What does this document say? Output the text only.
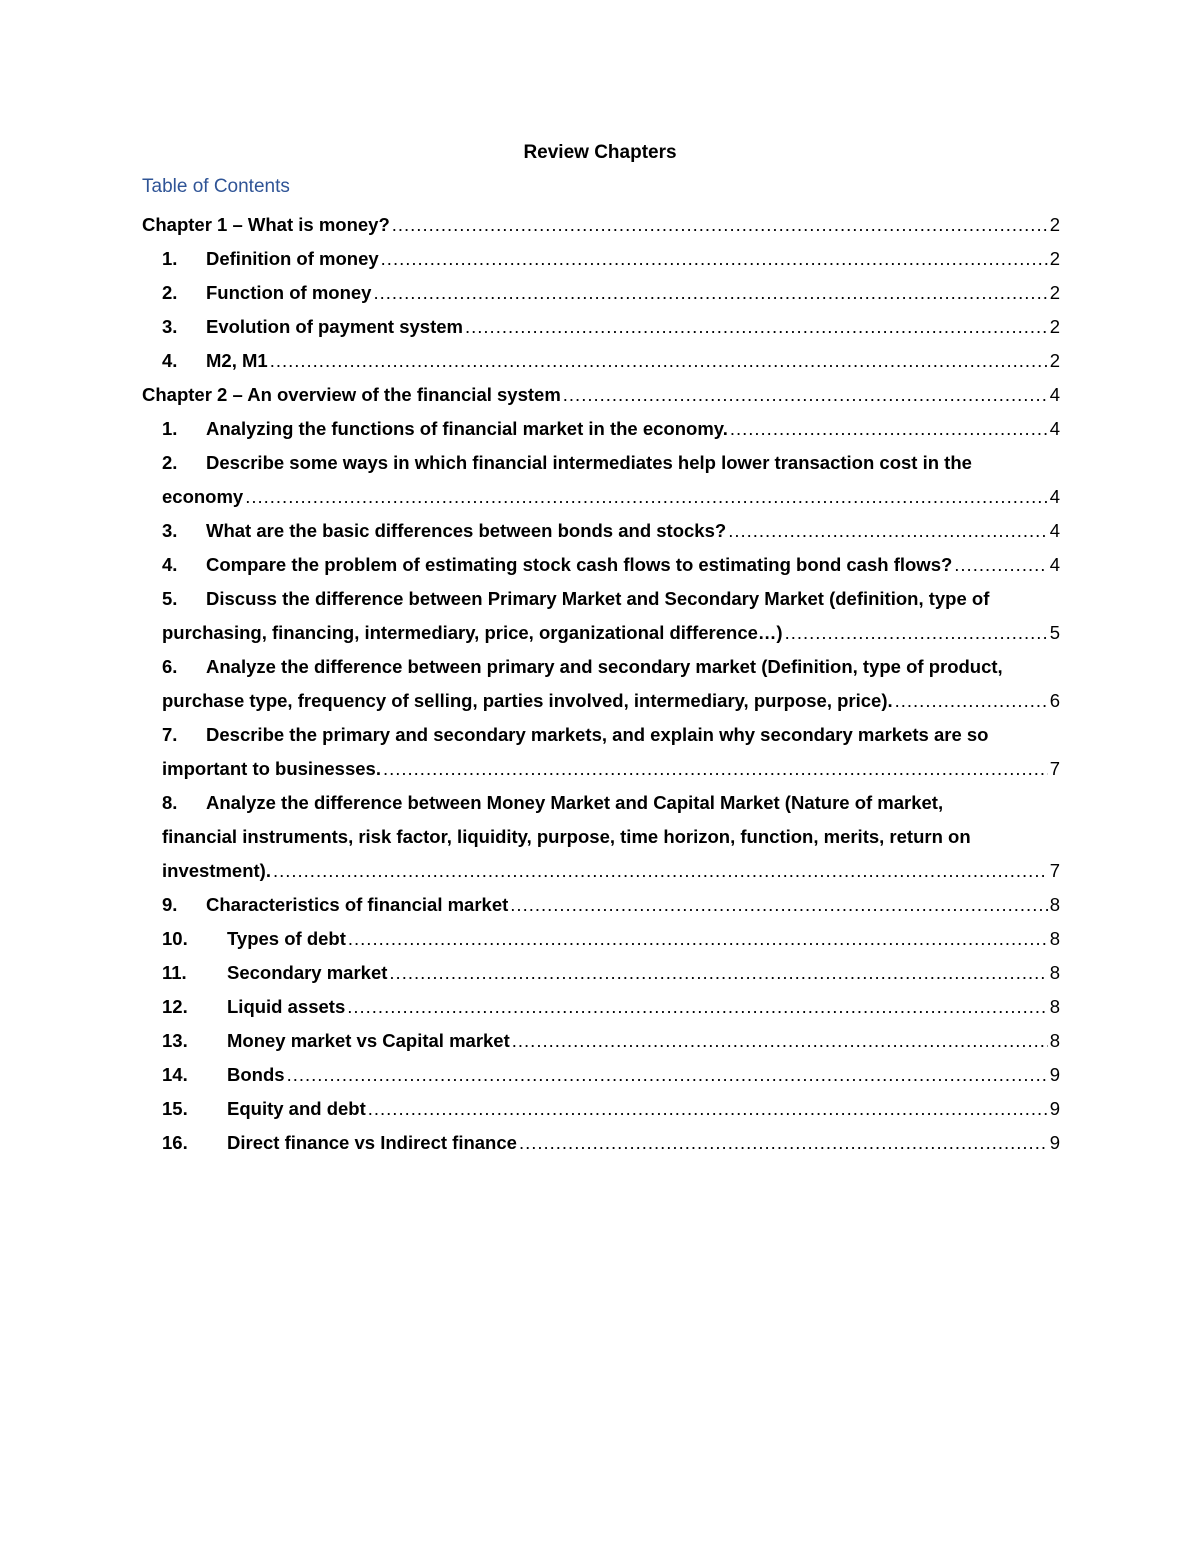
Review Chapters
Table of Contents
Chapter 1 – What is money? .....	2
1.	Definition of money .....	2
2.	Function of money .....	2
3.	Evolution of payment system .....	2
4.	M2, M1 .....	2
Chapter 2 – An overview of the financial system .....	4
1.	Analyzing the functions of financial market in the economy. .....	4
2. Describe some ways in which financial intermediates help lower transaction cost in the
economy .....	4
3.	What are the basic differences between bonds and stocks? .....	4
4.	Compare the problem of estimating stock cash flows to estimating bond cash flows? .....	4
5. Discuss the difference between Primary Market and Secondary Market (definition, type of
purchasing, financing, intermediary, price, organizational difference…) .....	5
6. Analyze the difference between primary and secondary market (Definition, type of product,
purchase type, frequency of selling, parties involved, intermediary, purpose, price). .....	6
7. Describe the primary and secondary markets, and explain why secondary markets are so
important to businesses. .....	7
8. Analyze the difference between Money Market and Capital Market (Nature of market,
financial instruments, risk factor, liquidity, purpose, time horizon, function, merits, return on
investment). .....	7
9.	Characteristics of financial market .....	8
10.	Types of debt .....	8
11.	Secondary market .....	8
12.	Liquid assets .....	8
13.	Money market vs Capital market .....	8
14.	Bonds .....	9
15.	Equity and debt .....	9
16.	Direct finance vs Indirect finance .....	9
